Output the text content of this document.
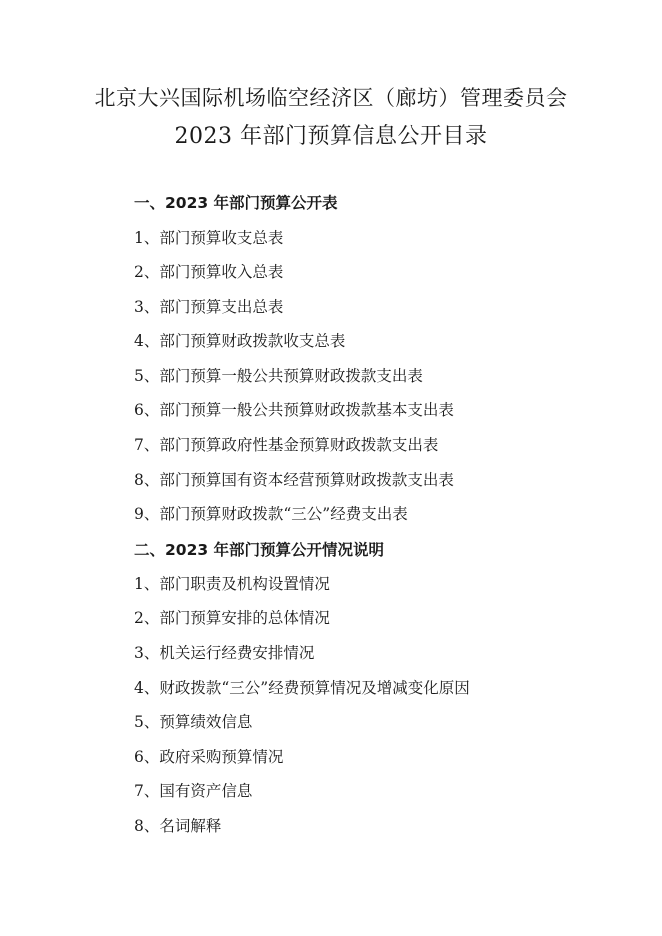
北京大兴国际机场临空经济区（廊坊）管理委员会
2023 年部门预算信息公开目录
一、2023 年部门预算公开表
1、部门预算收支总表
2、部门预算收入总表
3、部门预算支出总表
4、部门预算财政拨款收支总表
5、部门预算一般公共预算财政拨款支出表
6、部门预算一般公共预算财政拨款基本支出表
7、部门预算政府性基金预算财政拨款支出表
8、部门预算国有资本经营预算财政拨款支出表
9、部门预算财政拨款“三公”经费支出表
二、2023 年部门预算公开情况说明
1、部门职责及机构设置情况
2、部门预算安排的总体情况
3、机关运行经费安排情况
4、财政拨款“三公”经费预算情况及增减变化原因
5、预算绩效信息
6、政府采购预算情况
7、国有资产信息
8、名词解释
